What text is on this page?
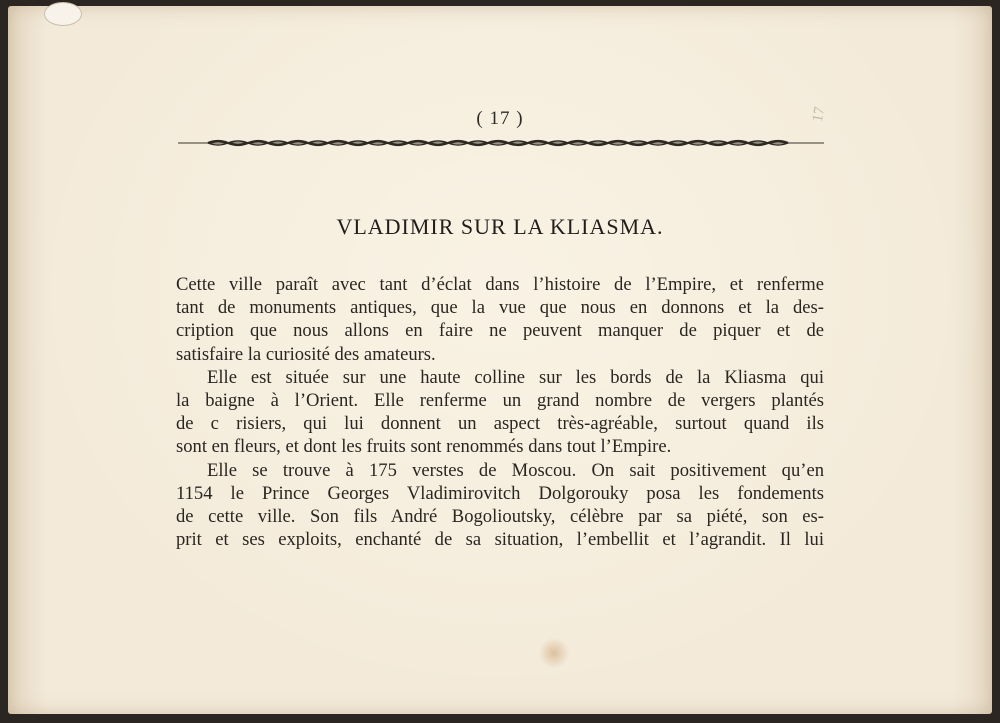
17
( 17 )
VLADIMIR SUR LA KLIASMA.

Cette ville paraît avec tant d’éclat dans l’histoire de l’Empire, et renferme

tant de monuments antiques, que la vue que nous en donnons et la des-

cription que nous allons en faire ne peuvent manquer de piquer et de

satisfaire la curiosité des amateurs.

Elle est située sur une haute colline sur les bords de la Kliasma qui

la baigne à l’Orient. Elle renferme un grand nombre de vergers plantés

de c risiers, qui lui donnent un aspect très-agréable, surtout quand ils

sont en fleurs, et dont les fruits sont renommés dans tout l’Empire.

Elle se trouve à 175 verstes de Moscou. On sait positivement qu’en

1154 le Prince Georges Vladimirovitch Dolgorouky posa les fondements

de cette ville. Son fils André Bogolioutsky, célèbre par sa piété, son es-

prit et ses exploits, enchanté de sa situation, l’embellit et l’agrandit. Il lui
